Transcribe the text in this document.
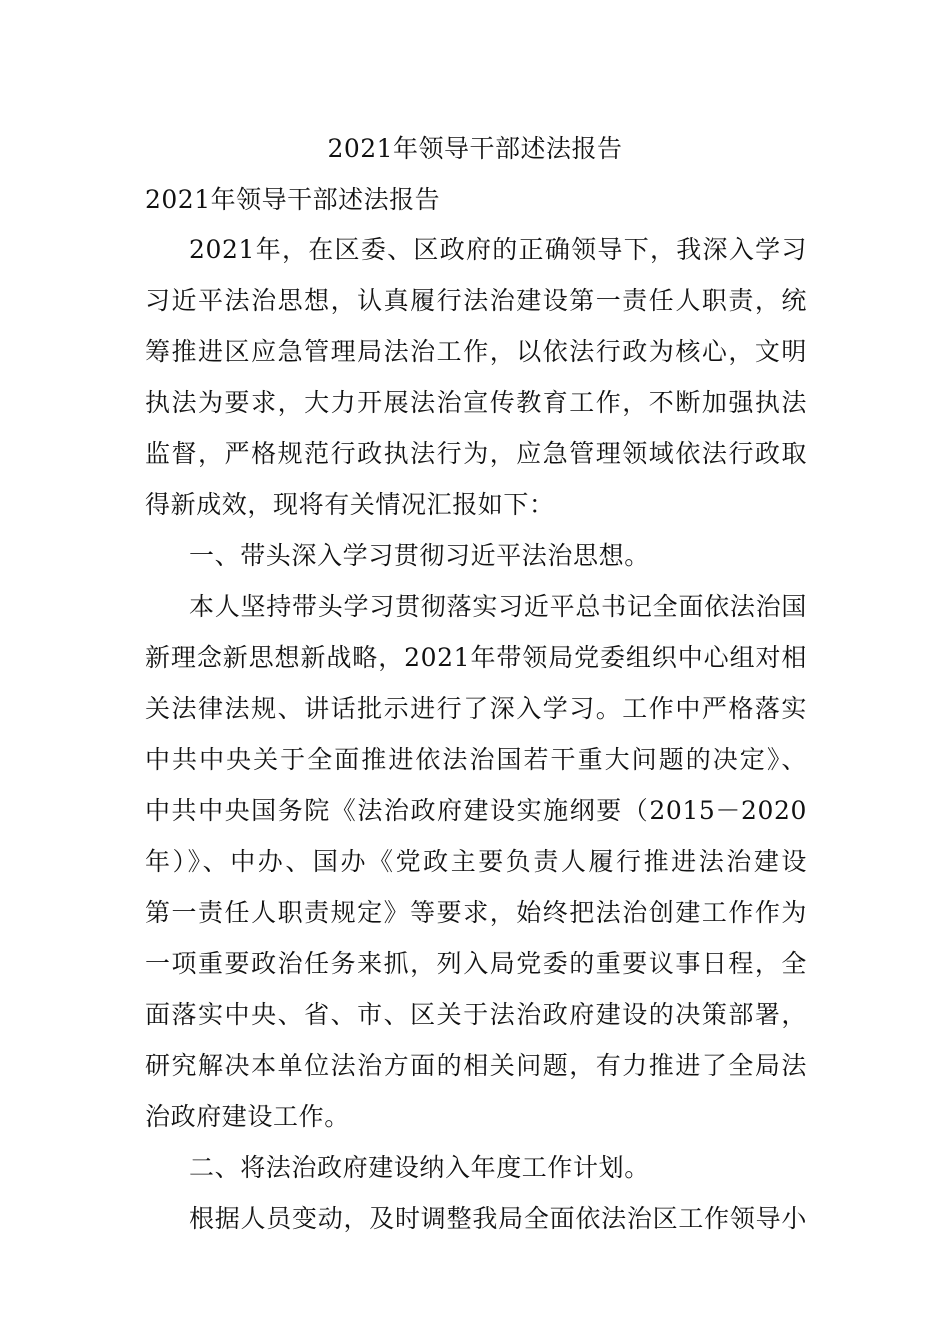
2021年领导干部述法报告
2021年领导干部述法报告
2021年，在区委、区政府的正确领导下，我深入学习
习近平法治思想，认真履行法治建设第一责任人职责，统
筹推进区应急管理局法治工作，以依法行政为核心，文明
执法为要求，大力开展法治宣传教育工作，不断加强执法
监督，严格规范行政执法行为，应急管理领域依法行政取
得新成效，现将有关情况汇报如下：
一、带头深入学习贯彻习近平法治思想。
本人坚持带头学习贯彻落实习近平总书记全面依法治国
新理念新思想新战略，2021年带领局党委组织中心组对相
关法律法规、讲话批示进行了深入学习。工作中严格落实
中共中央关于全面推进依法治国若干重大问题的决定》、
中共中央国务院《法治政府建设实施纲要（2015－2020
年）》、中办、国办《党政主要负责人履行推进法治建设
第一责任人职责规定》等要求，始终把法治创建工作作为
一项重要政治任务来抓，列入局党委的重要议事日程，全
面落实中央、省、市、区关于法治政府建设的决策部署，
研究解决本单位法治方面的相关问题，有力推进了全局法
治政府建设工作。
二、将法治政府建设纳入年度工作计划。
根据人员变动，及时调整我局全面依法治区工作领导小
